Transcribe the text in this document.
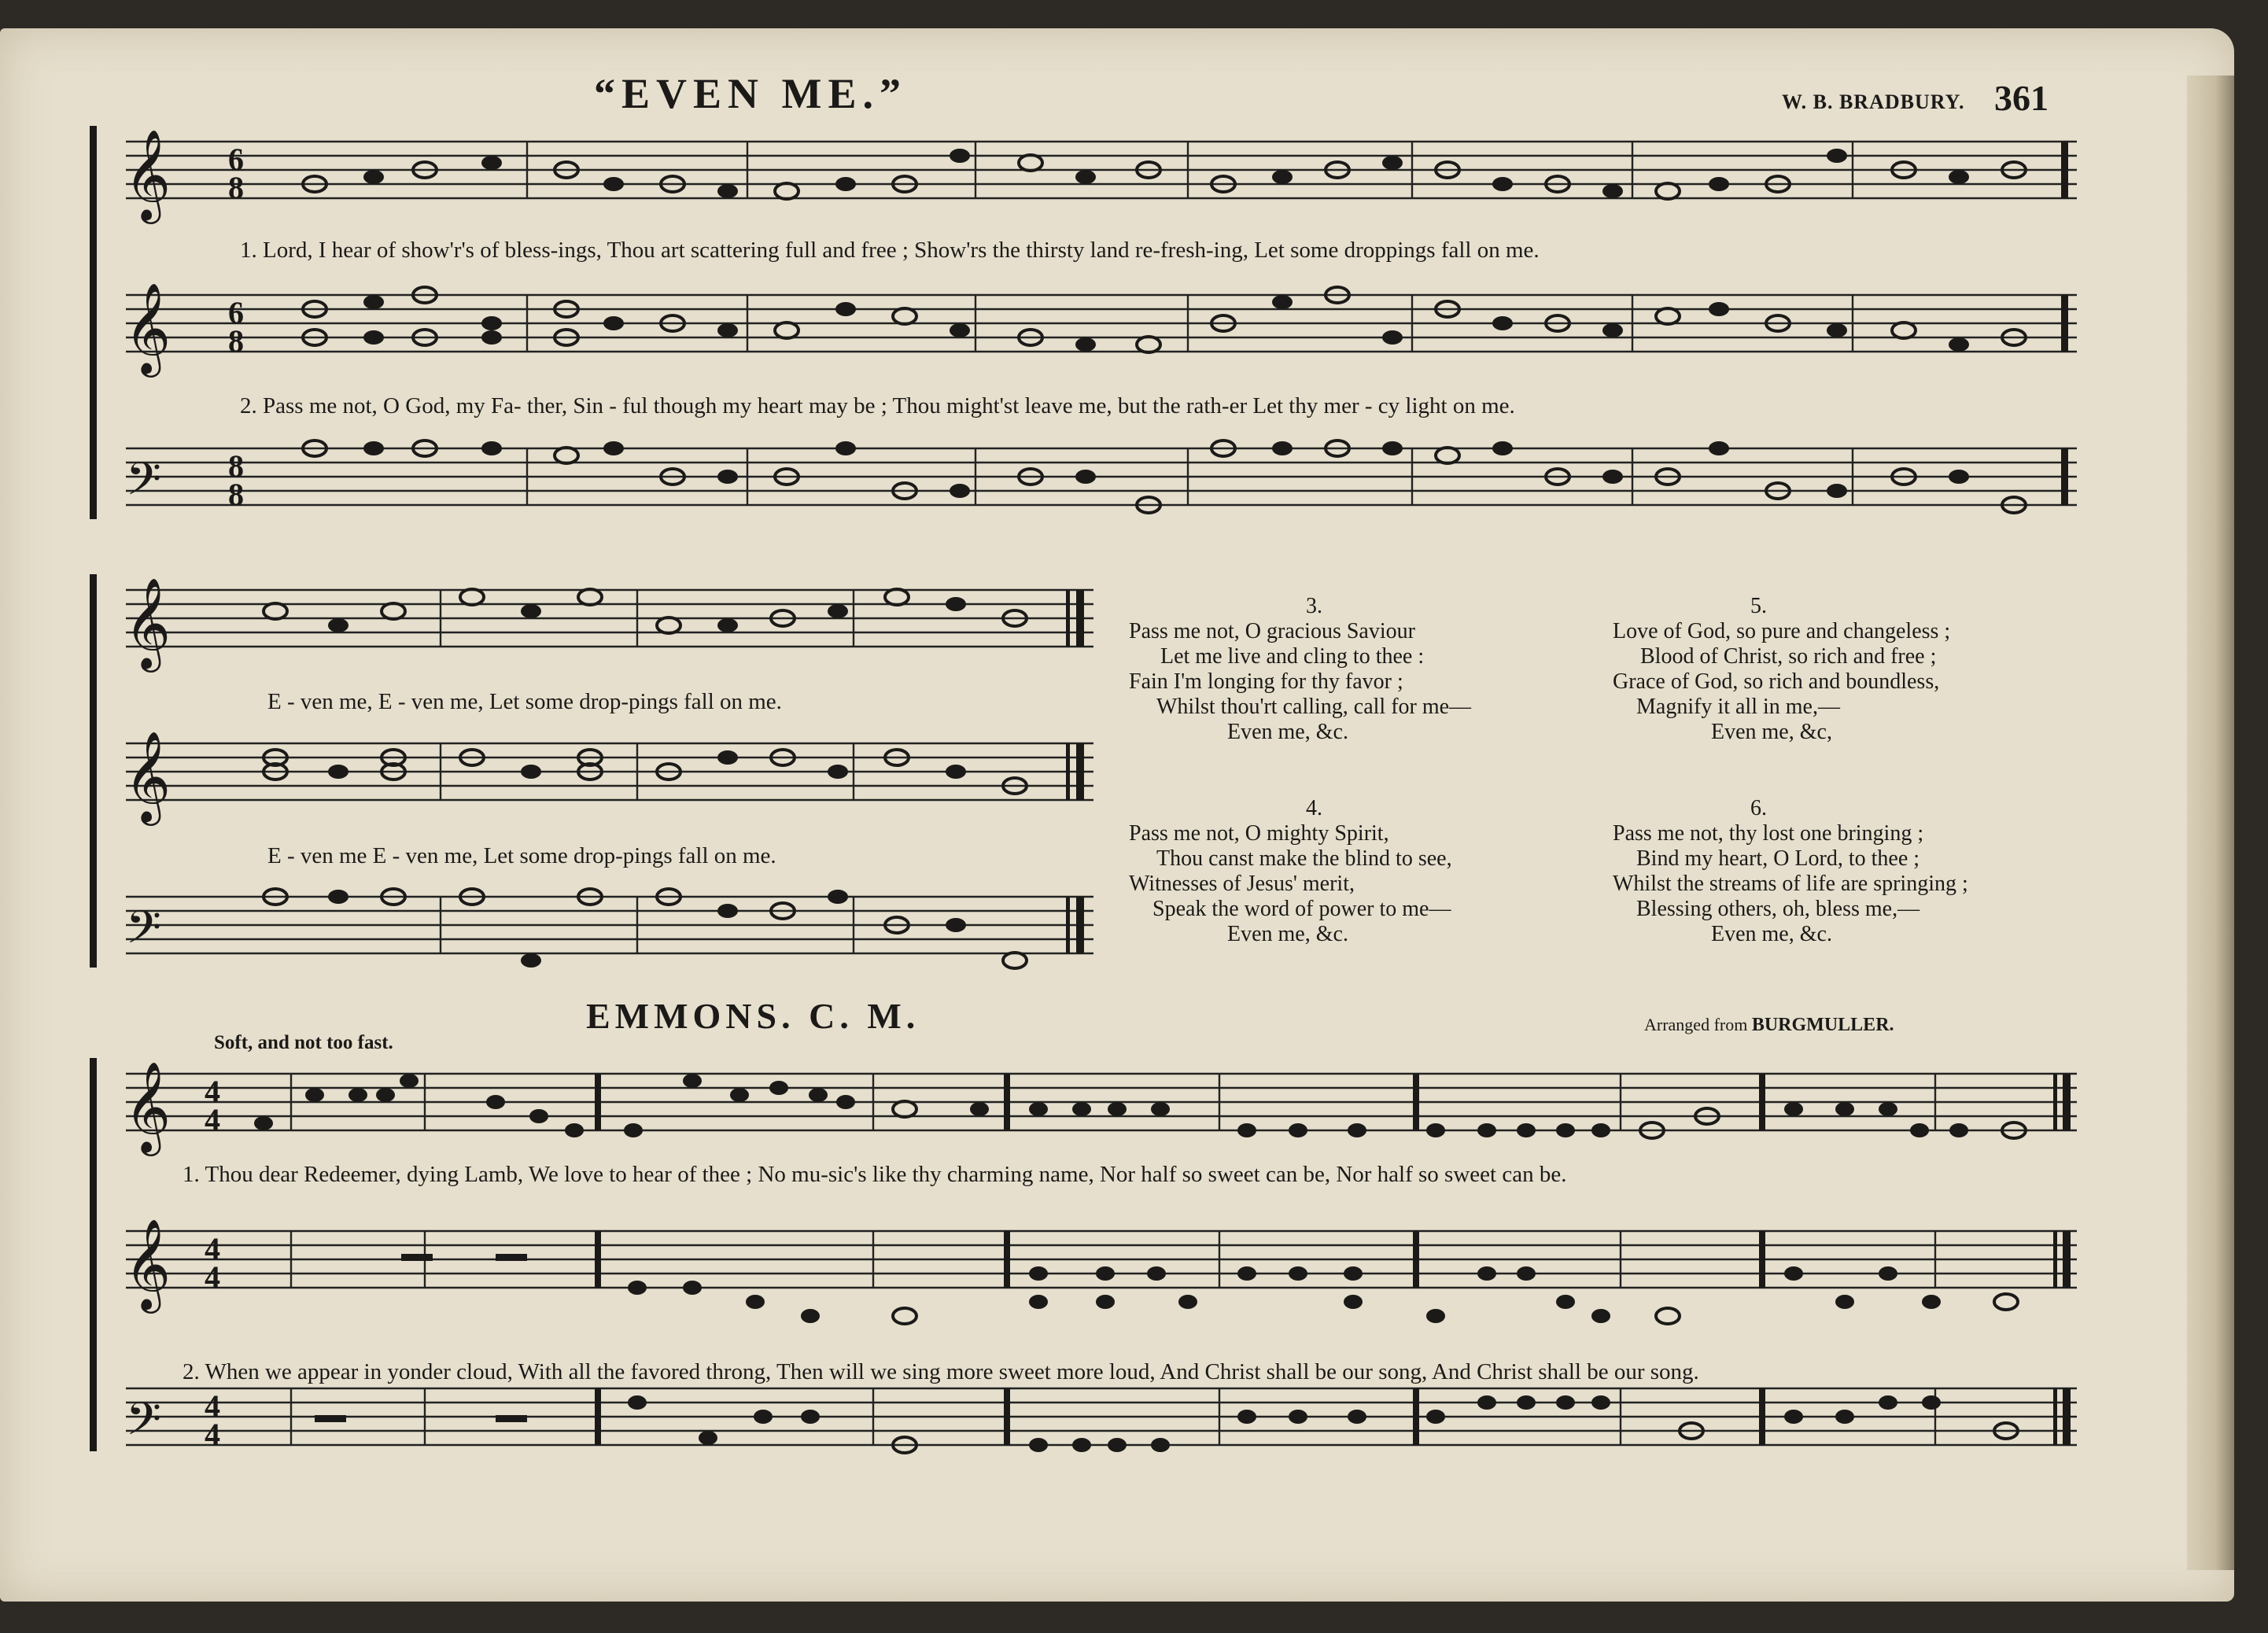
“EVEN ME.”	W. B. BRADBURY. 361
𝄞
𝄞
𝄢
6
8
6
8
8
8
1. Lord, I hear of show'r's of bless-ings, Thou art scattering full and free ; Show'rs the thirsty land re-fresh-ing, Let some droppings fall on me.
2. Pass me not, O God, my Fa- ther, Sin - ful though my heart may be ; Thou might'st leave me, but the rath-er Let thy mer - cy light on me.
𝄞
𝄞
𝄢
E - ven me, E - ven me, Let some drop-pings fall on me.
E - ven me E - ven me, Let some drop-pings fall on me.
3.
Pass me not, O gracious Saviour
Let me live and cling to thee :
Fain I'm longing for thy favor ;
Whilst thou'rt calling, call for me—
Even me, &c.
4.
Pass me not, O mighty Spirit,
Thou canst make the blind to see,
Witnesses of Jesus' merit,
Speak the word of power to me—
Even me, &c.
5.
Love of God, so pure and changeless ;
Blood of Christ, so rich and free ;
Grace of God, so rich and boundless,
Magnify it all in me,—
Even me, &c,
6.
Pass me not, thy lost one bringing ;
Bind my heart, O Lord, to thee ;
Whilst the streams of life are springing ;
Blessing others, oh, bless me,—
Even me, &c.
EMMONS. C. M.	Arranged from BURGMULLER.
Soft, and not too fast.
𝄞
𝄞
𝄢
4
4
4
4
4
4
1. Thou dear Redeemer, dying Lamb, We love to hear of thee ; No mu-sic's like thy charming name, Nor half so sweet can be, Nor half so sweet can be.
2. When we appear in yonder cloud, With all the favored throng, Then will we sing more sweet more loud, And Christ shall be our song, And Christ shall be our song.
